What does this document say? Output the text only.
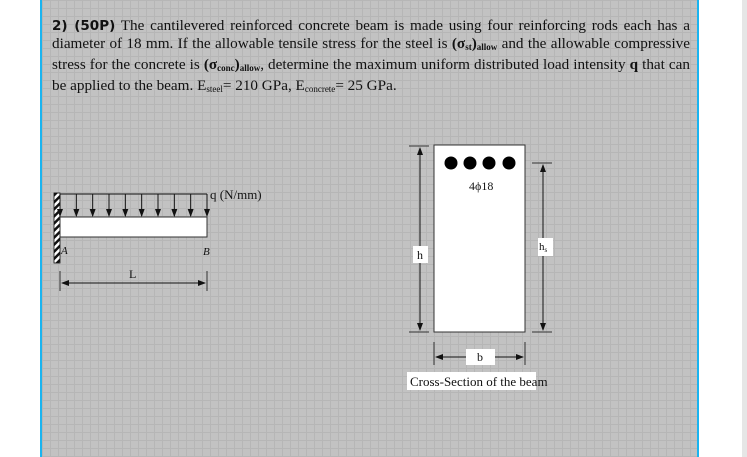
2) (50P) The cantilevered reinforced concrete beam is made using four reinforcing rods each has a diameter of 18 mm. If the allowable tensile stress for the steel is $(\sigma_{st})_{allow}$ and the allowable compressive stress for the concrete is $(\sigma_{conc})_{allow}$, determine the maximum uniform distributed load intensity q that can be applied to the beam. $E_{steel}= 210$ GPa, $E_{concrete}= 25$ GPa.
q (N/mm)
A	B
L
4ϕ18
h
hs
b
Cross-Section of the beam
